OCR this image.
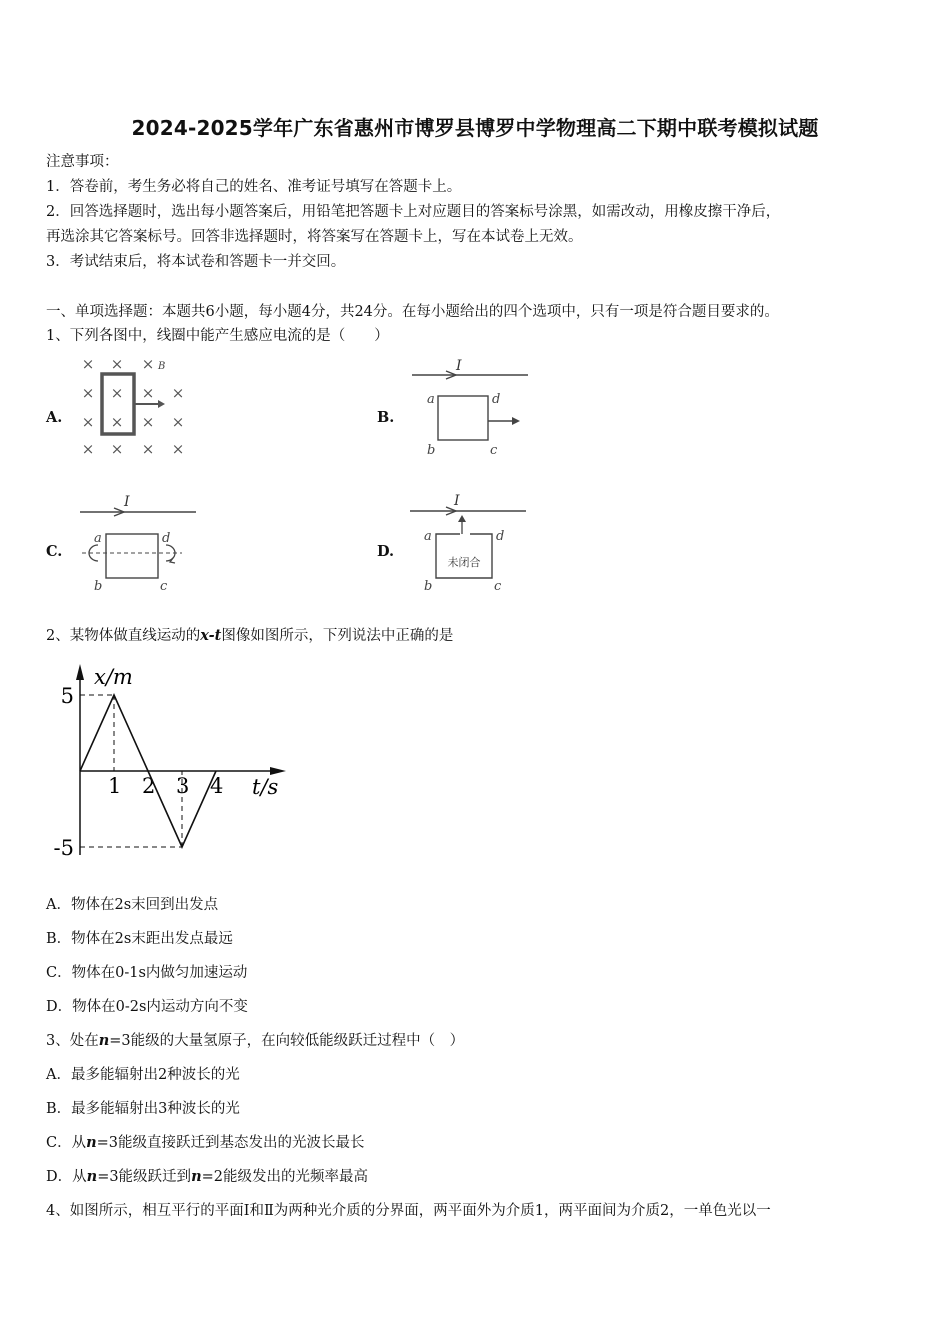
2024-2025学年广东省惠州市博罗县博罗中学物理高二下期中联考模拟试题
注意事项：
1．答卷前，考生务必将自己的姓名、准考证号填写在答题卡上。
2．回答选择题时，选出每小题答案后，用铅笔把答题卡上对应题目的答案标号涂黑，如需改动，用橡皮擦干净后，
再选涂其它答案标号。回答非选择题时，将答案写在答题卡上，写在本试卷上无效。
3．考试结束后，将本试卷和答题卡一并交回。
一、单项选择题：本题共6小题，每小题4分，共24分。在每小题给出的四个选项中，只有一项是符合题目要求的。
1、下列各图中，线圈中能产生感应电流的是（　　）
A.	B.
C.	D.
× × ×
× × × ×
× × × ×
× × × ×
B	I
a	d
b	c
I
a	d
b	c
I
未闭合
a	d
b	c
2、某物体做直线运动的x-t图像如图所示，下列说法中正确的是
x/m
t/s
1 2 3 4
5
-5
A．物体在2s末回到出发点
B．物体在2s末距出发点最远
C．物体在0-1s内做匀加速运动
D．物体在0-2s内运动方向不变
3、处在n=3能级的大量氢原子，在向较低能级跃迁过程中（　）
A．最多能辐射出2种波长的光
B．最多能辐射出3种波长的光
C．从n=3能级直接跃迁到基态发出的光波长最长
D．从n=3能级跃迁到n=2能级发出的光频率最高
4、如图所示，相互平行的平面Ⅰ和Ⅱ为两种光介质的分界面，两平面外为介质1，两平面间为介质2，一单色光以一
